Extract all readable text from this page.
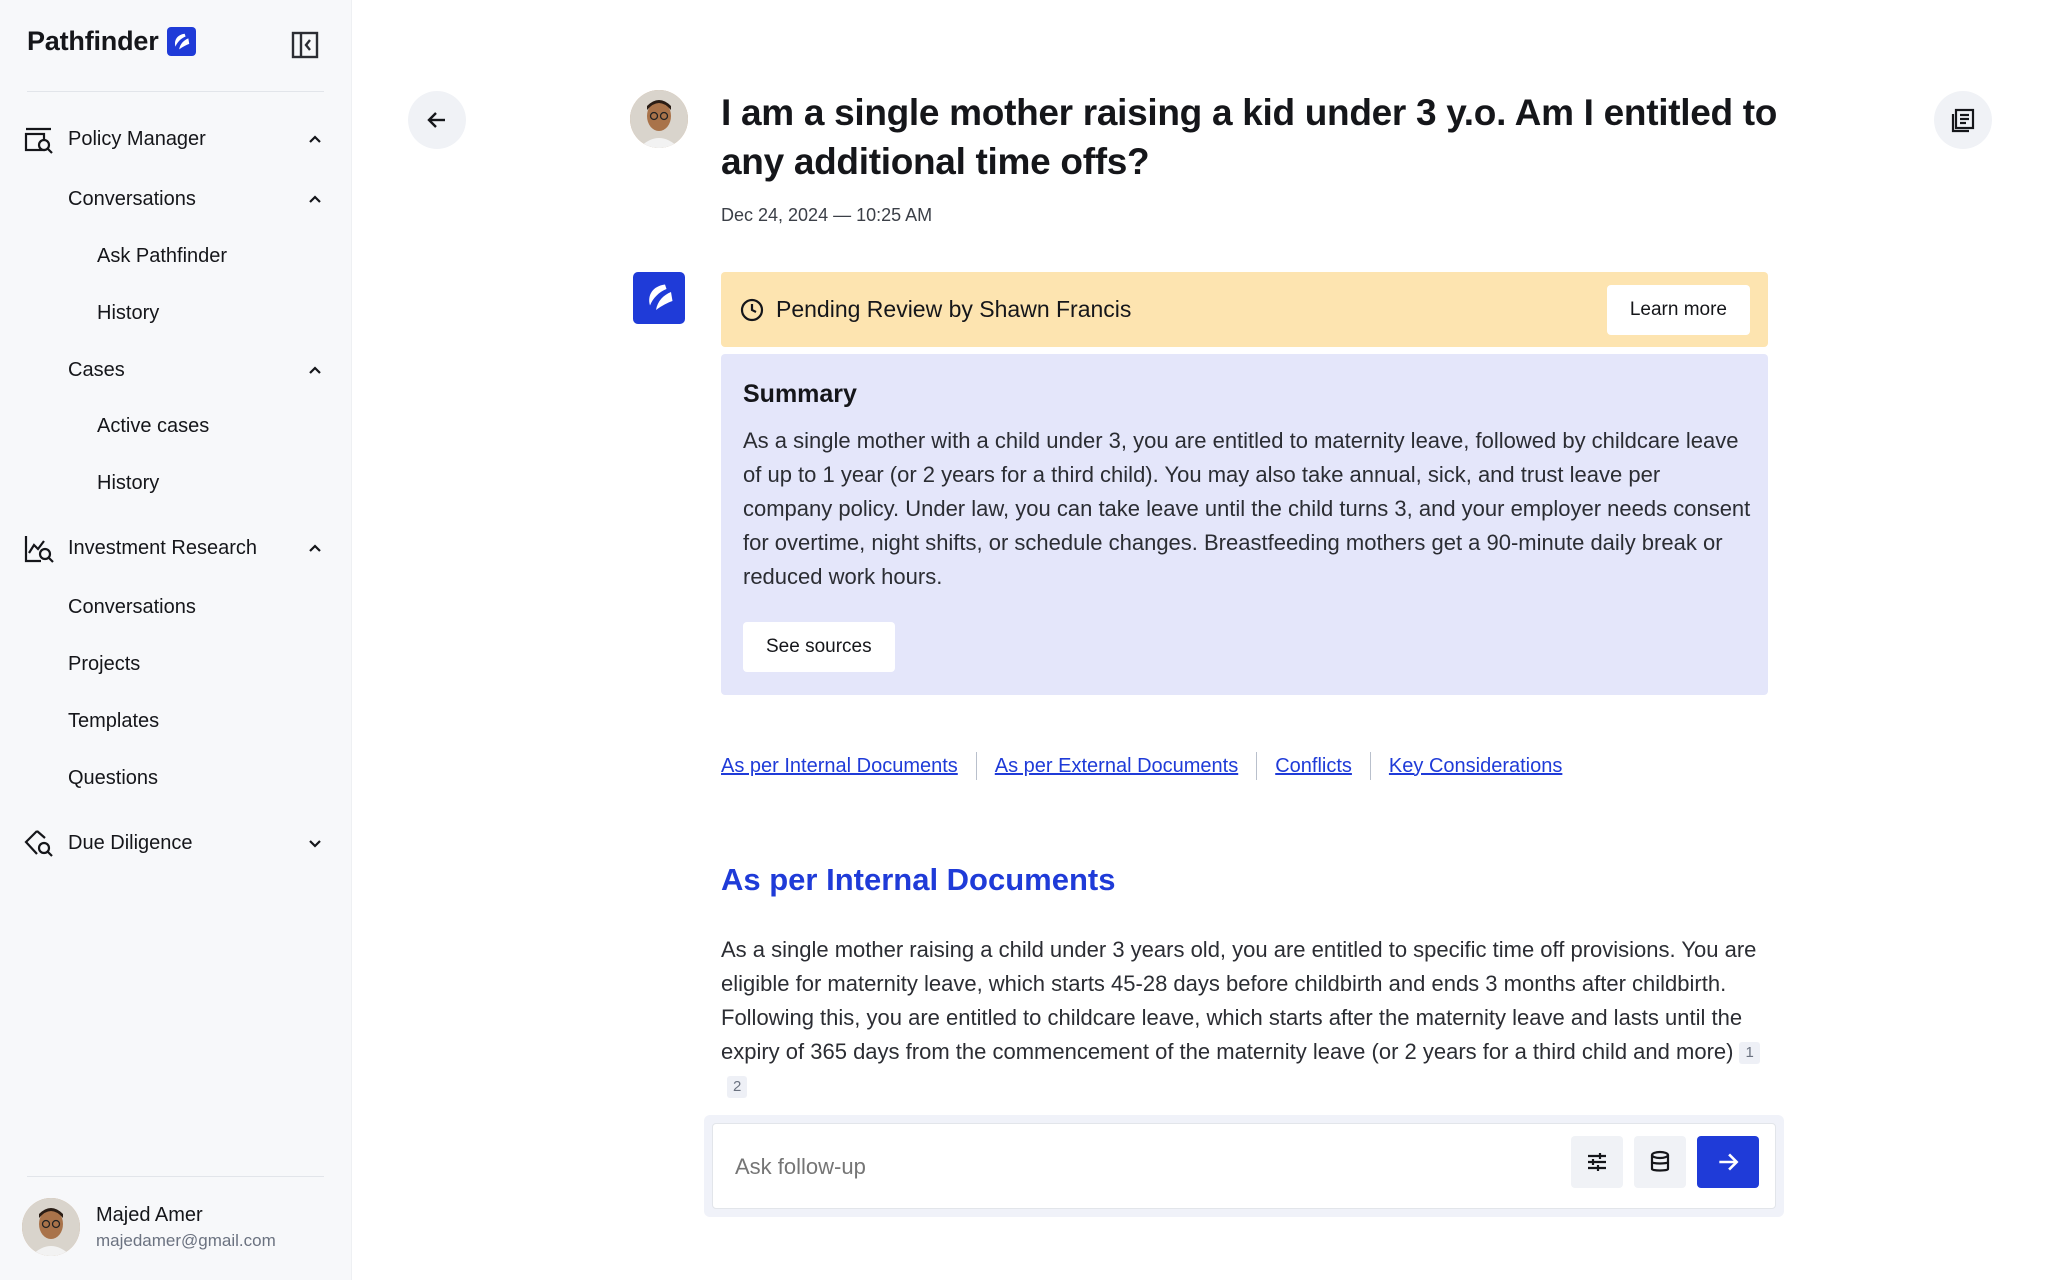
Pathfinder
Policy Manager
Conversations
Ask Pathfinder
History
Cases
Active cases
History
Investment Research
Conversations
Projects
Templates
Questions
Due Diligence
Majed Amer
majedamer@gmail.com
I am a single mother raising a kid under 3 y.o. Am I entitled to any additional time offs?
Dec 24, 2024 — 10:25 AM
Pending Review by Shawn Francis	Learn more
Summary

As a single mother with a child under 3, you are entitled to maternity leave, followed by childcare leave of up to 1 year (or 2 years for a third child). You may also take annual, sick, and trust leave per company policy. Under law, you can take leave until the child turns 3, and your employer needs consent for overtime, night shifts, or schedule changes. Breastfeeding mothers get a 90-minute daily break or reduced work hours.

See sources
As per Internal Documents As per External Documents Conflicts Key Considerations
As per Internal Documents

As a single mother raising a child under 3 years old, you are entitled to specific time off provisions. You are eligible for maternity leave, which starts 45-28 days before childbirth and ends 3 months after childbirth. Following this, you are entitled to childcare leave, which starts after the maternity leave and lasts until the expiry of 365 days from the commencement of the maternity leave (or 2 years for a third child and more) 12

Ask follow-up
